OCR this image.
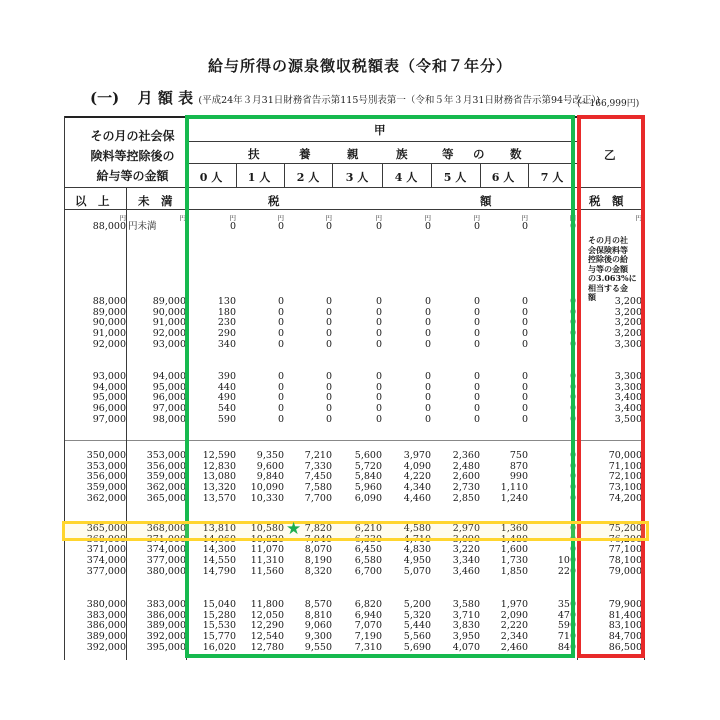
給与所得の源泉徴収税額表（令和７年分）
(一) 月 額 表 (平成24年３月31日財務省告示第115号別表第一（令和５年３月31日財務省告示第94号改正）)
(～166,999円)
その月の社会保
険料等控除後の
給与等の金額
以　上 未　満
甲
乙
税　額
税	額
扶	養	親	族	等 の 数
0 人	1 人	2 人	3 人	4 人	5 人	6 人	7 人
円	円	円	円	円	円	円	円	円	円	円
88,000 円未満	0	0	0	0	0	0	0	0
その月の社
会保険料等
控除後の給
与等の金額
の3.063%に
相当する金
額
88,000	89,000	130	0	0	0	0	0	0	0	3,200
89,000	90,000	180	0	0	0	0	0	0	0	3,200
90,000	91,000	230	0	0	0	0	0	0	0	3,200
91,000	92,000	290	0	0	0	0	0	0	0	3,200
92,000	93,000	340	0	0	0	0	0	0	0	3,300
93,000	94,000	390	0	0	0	0	0	0	0	3,300
94,000	95,000	440	0	0	0	0	0	0	0	3,300
95,000	96,000	490	0	0	0	0	0	0	0	3,400
96,000	97,000	540	0	0	0	0	0	0	0	3,400
97,000	98,000	590	0	0	0	0	0	0	0	3,500
350,000	353,000	12,590	9,350	7,210	5,600	3,970	2,360	750	0	70,000
353,000	356,000	12,830	9,600	7,330	5,720	4,090	2,480	870	0	71,100
356,000	359,000	13,080	9,840	7,450	5,840	4,220	2,600	990	0	72,100
359,000	362,000	13,320	10,090	7,580	5,960	4,340	2,730	1,110	0	73,100
362,000	365,000	13,570	10,330	7,700	6,090	4,460	2,850	1,240	0	74,200
365,000	368,000	13,810	10,580	7,820	6,210	4,580	2,970	1,360	0	75,200
368,000	371,000	14,060	10,820	7,940	6,330	4,710	3,090	1,480	0	76,200
371,000	374,000	14,300	11,070	8,070	6,450	4,830	3,220	1,600	0	77,100
374,000	377,000	14,550	11,310	8,190	6,580	4,950	3,340	1,730	100	78,100
377,000	380,000	14,790	11,560	8,320	6,700	5,070	3,460	1,850	220	79,000
380,000	383,000	15,040	11,800	8,570	6,820	5,200	3,580	1,970	350	79,900
383,000	386,000	15,280	12,050	8,810	6,940	5,320	3,710	2,090	470	81,400
386,000	389,000	15,530	12,290	9,060	7,070	5,440	3,830	2,220	590	83,100
389,000	392,000	15,770	12,540	9,300	7,190	5,560	3,950	2,340	710	84,700
392,000	395,000	16,020	12,780	9,550	7,310	5,690	4,070	2,460	840	86,500
★
